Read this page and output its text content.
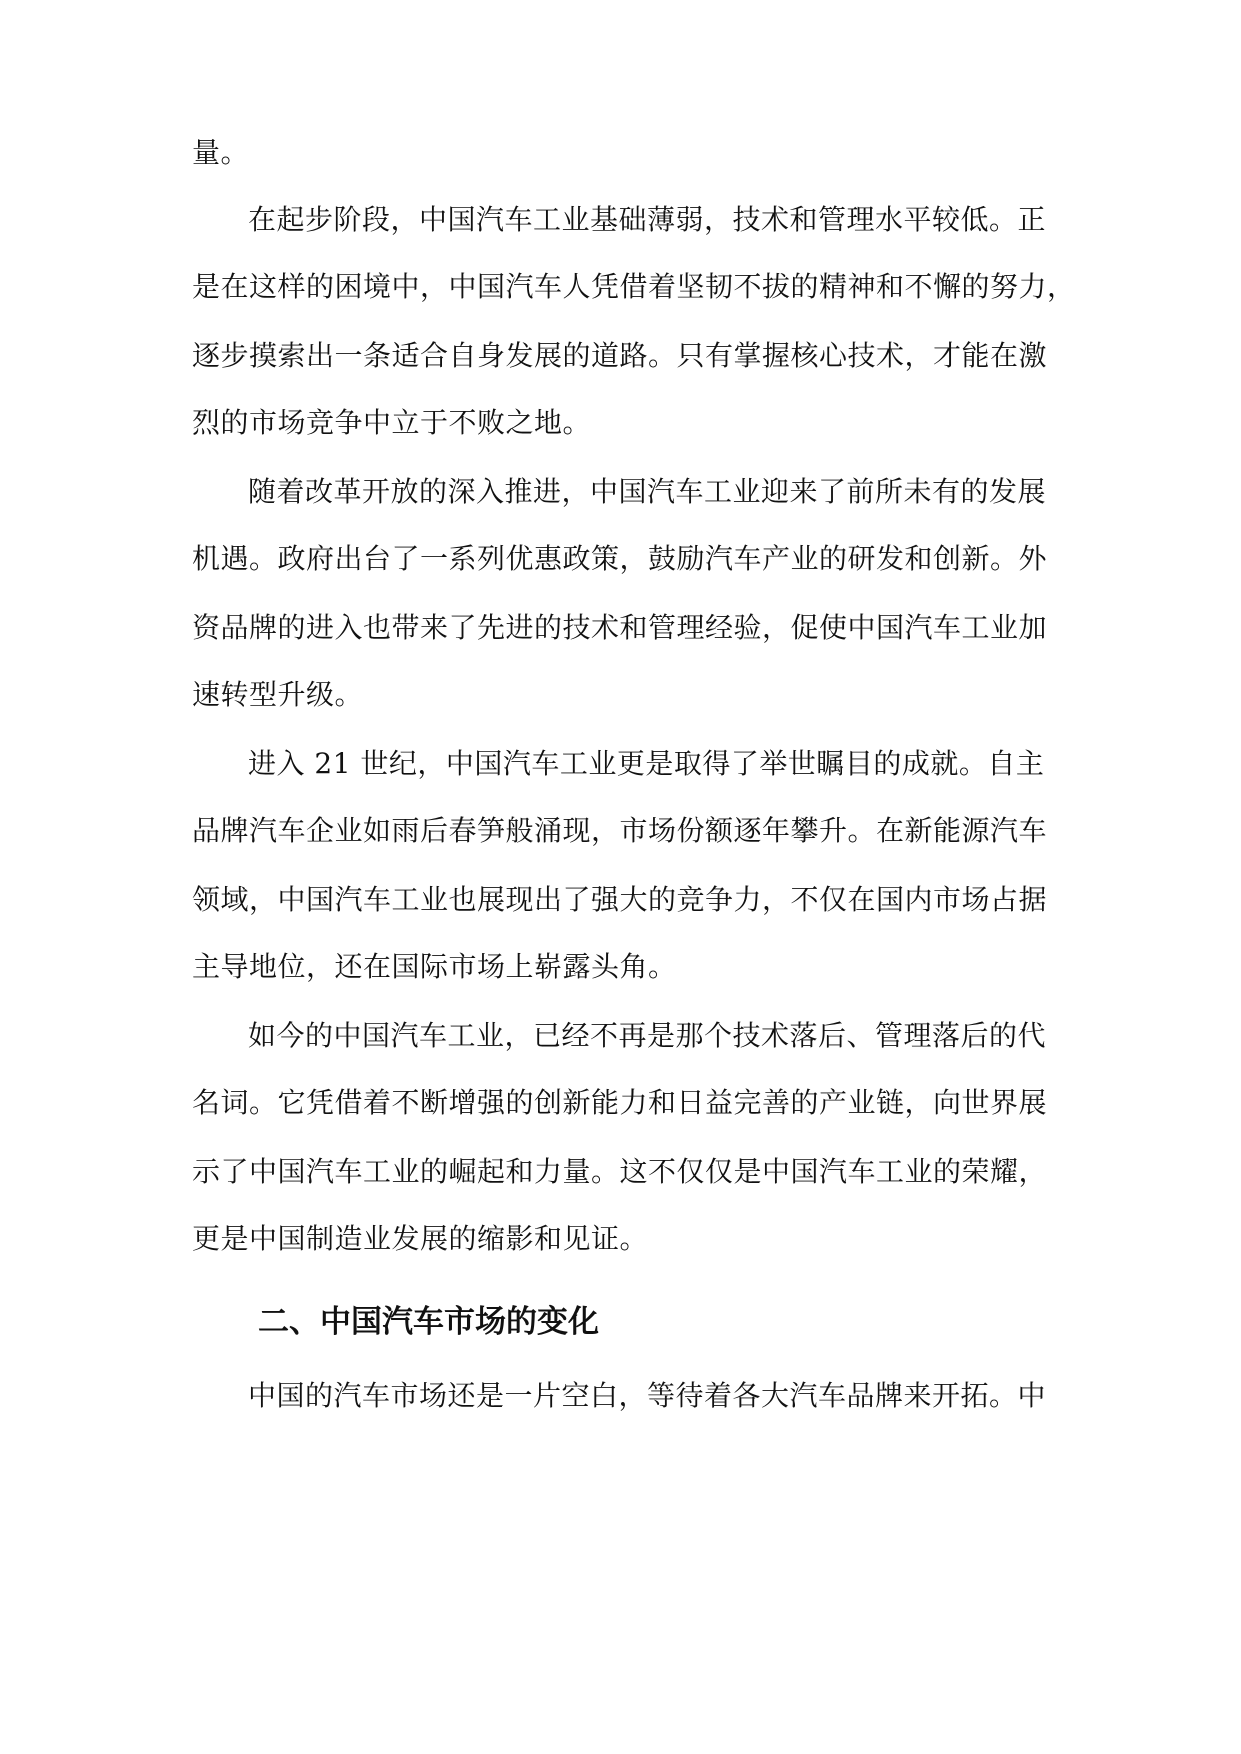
量。
在起步阶段，中国汽车工业基础薄弱，技术和管理水平较低。正
是在这样的困境中，中国汽车人凭借着坚韧不拔的精神和不懈的努力，
逐步摸索出一条适合自身发展的道路。只有掌握核心技术，才能在激
烈的市场竞争中立于不败之地。
随着改革开放的深入推进，中国汽车工业迎来了前所未有的发展
机遇。政府出台了一系列优惠政策，鼓励汽车产业的研发和创新。外
资品牌的进入也带来了先进的技术和管理经验，促使中国汽车工业加
速转型升级。
进入 21 世纪，中国汽车工业更是取得了举世瞩目的成就。自主
品牌汽车企业如雨后春笋般涌现，市场份额逐年攀升。在新能源汽车
领域，中国汽车工业也展现出了强大的竞争力，不仅在国内市场占据
主导地位，还在国际市场上崭露头角。
如今的中国汽车工业，已经不再是那个技术落后、管理落后的代
名词。它凭借着不断增强的创新能力和日益完善的产业链，向世界展
示了中国汽车工业的崛起和力量。这不仅仅是中国汽车工业的荣耀，
更是中国制造业发展的缩影和见证。
二、中国汽车市场的变化
中国的汽车市场还是一片空白，等待着各大汽车品牌来开拓。中
